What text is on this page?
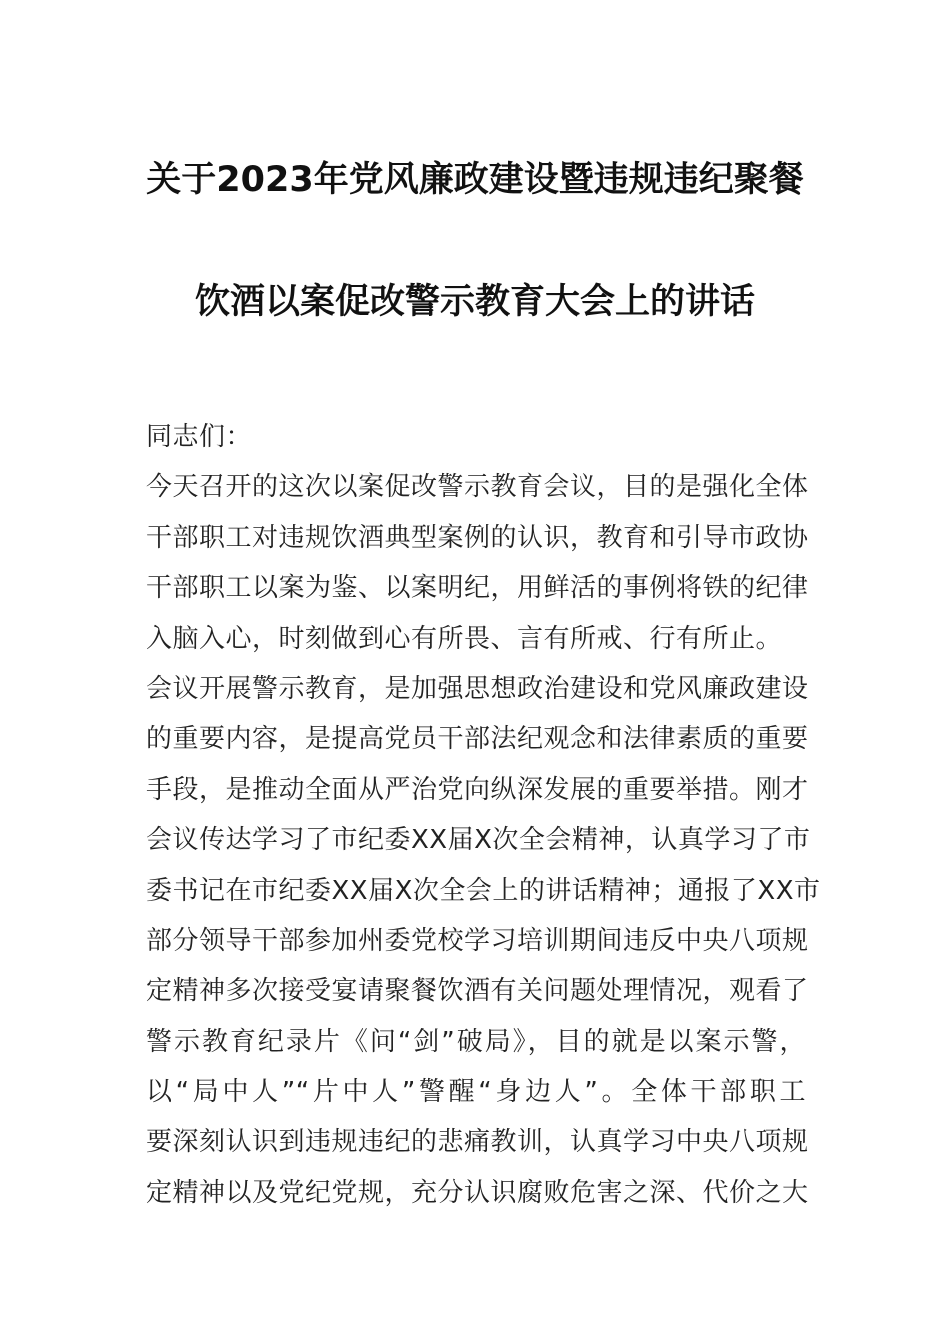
关于2023年党风廉政建设暨违规违纪聚餐
饮酒以案促改警示教育大会上的讲话
同志们：
今天召开的这次以案促改警示教育会议，目的是强化全体
干部职工对违规饮酒典型案例的认识，教育和引导市政协
干部职工以案为鉴、以案明纪，用鲜活的事例将铁的纪律
入脑入心，时刻做到心有所畏、言有所戒、行有所止。
会议开展警示教育，是加强思想政治建设和党风廉政建设
的重要内容，是提高党员干部法纪观念和法律素质的重要
手段，是推动全面从严治党向纵深发展的重要举措。刚才
会议传达学习了市纪委XX届X次全会精神，认真学习了市
委书记在市纪委XX届X次全会上的讲话精神；通报了XX市
部分领导干部参加州委党校学习培训期间违反中央八项规
定精神多次接受宴请聚餐饮酒有关问题处理情况，观看了
警示教育纪录片《问“剑”破局》，目的就是以案示警，
以“局中人”“片中人”警醒“身边人”。全体干部职工
要深刻认识到违规违纪的悲痛教训，认真学习中央八项规
定精神以及党纪党规，充分认识腐败危害之深、代价之大
